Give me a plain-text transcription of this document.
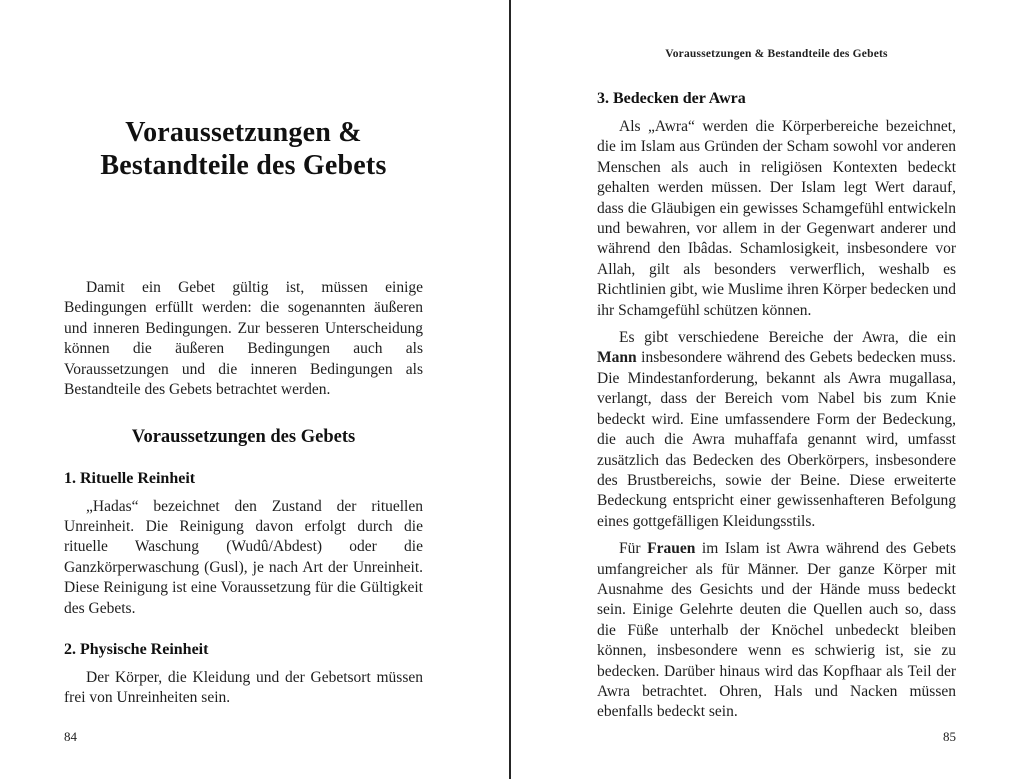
Voraussetzungen &
Bestandteile des Gebets

Damit ein Gebet gültig ist, müssen einige Bedingungen erfüllt werden: die sogenannten äußeren und inneren Bedingungen. Zur besseren Unterscheidung können die äußeren Bedingungen auch als Voraussetzungen und die inneren Bedingungen als Bestandteile des Gebets betrachtet werden.

Voraussetzungen des Gebets
1. Rituelle Reinheit

„Hadas“ bezeichnet den Zustand der rituellen Unreinheit. Die Reinigung davon erfolgt durch die rituelle Waschung (Wudû/Abdest) oder die Ganzkörperwaschung (Gusl), je nach Art der Unreinheit. Diese Reinigung ist eine Voraussetzung für die Gültigkeit des Gebets.

2. Physische Reinheit

Der Körper, die Kleidung und der Gebetsort müssen frei von Unreinheiten sein.

84
Voraussetzungen & Bestandteile des Gebets
3. Bedecken der Awra

Als „Awra“ werden die Körperbereiche bezeichnet, die im Islam aus Gründen der Scham sowohl vor anderen Menschen als auch in religiösen Kontexten bedeckt gehalten werden müssen. Der Islam legt Wert darauf, dass die Gläubigen ein gewisses Schamgefühl entwickeln und bewahren, vor allem in der Gegenwart anderer und während den Ibâdas. Schamlosigkeit, insbesondere vor Allah, gilt als besonders verwerflich, weshalb es Richtlinien gibt, wie Muslime ihren Körper bedecken und ihr Schamgefühl schützen können.

Es gibt verschiedene Bereiche der Awra, die ein Mann insbesondere während des Gebets bedecken muss. Die Mindestanforderung, bekannt als Awra mugallasa, verlangt, dass der Bereich vom Nabel bis zum Knie bedeckt wird. Eine umfassendere Form der Bedeckung, die auch die Awra muhaffafa genannt wird, umfasst zusätzlich das Bedecken des Oberkörpers, insbesondere des Brustbereichs, sowie der Beine. Diese erweiterte Bedeckung entspricht einer gewissenhafteren Befolgung eines gottgefälligen Kleidungsstils.

Für Frauen im Islam ist Awra während des Gebets umfangreicher als für Männer. Der ganze Körper mit Ausnahme des Gesichts und der Hände muss bedeckt sein. Einige Gelehrte deuten die Quellen auch so, dass die Füße unterhalb der Knöchel unbedeckt bleiben können, insbesondere wenn es schwierig ist, sie zu bedecken. Darüber hinaus wird das Kopfhaar als Teil der Awra betrachtet. Ohren, Hals und Nacken müssen ebenfalls bedeckt sein.

85
